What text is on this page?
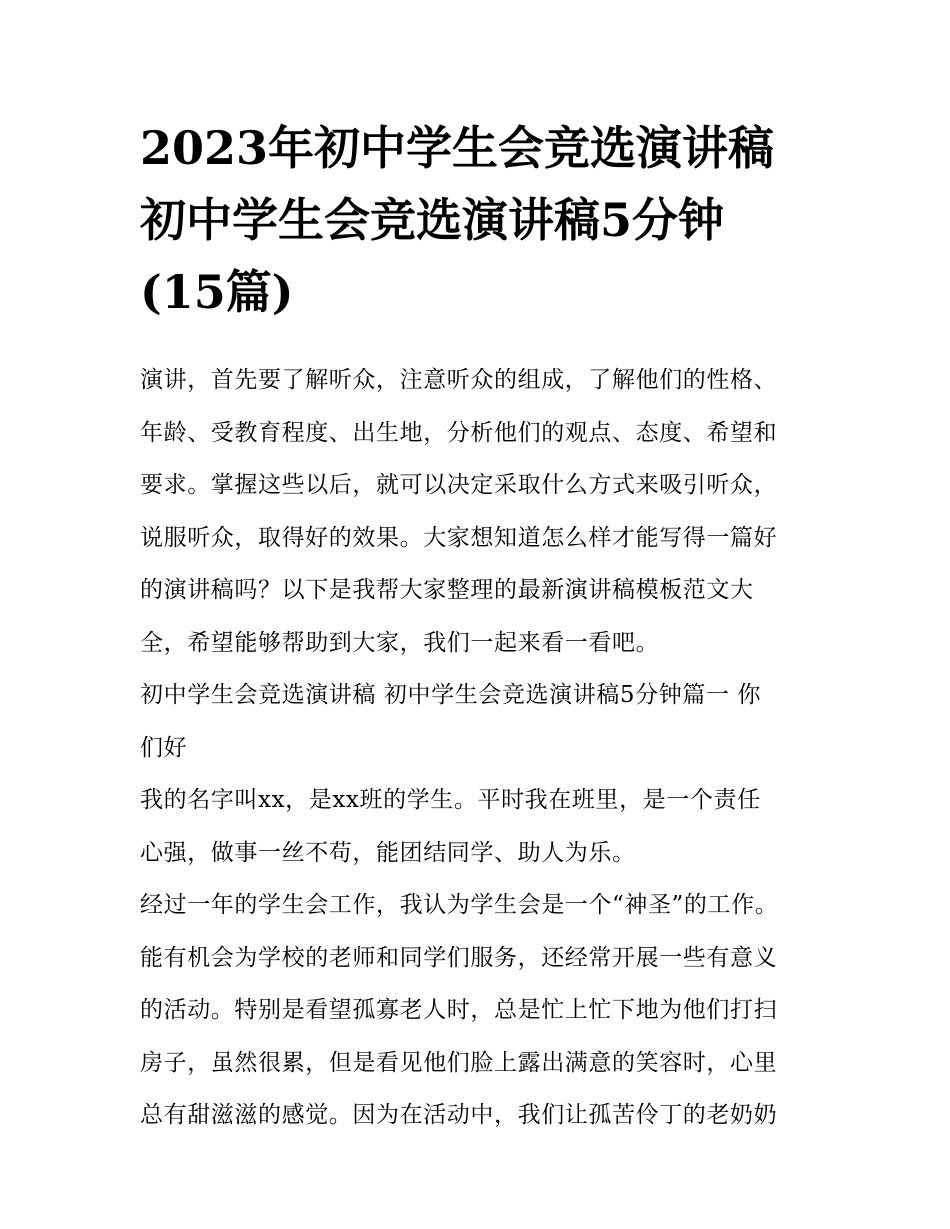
2023年初中学生会竞选演讲稿
初中学生会竞选演讲稿5分钟
(15篇)

演讲，首先要了解听众，注意听众的组成，了解他们的性格、
年龄、受教育程度、出生地，分析他们的观点、态度、希望和
要求。掌握这些以后，就可以决定采取什么方式来吸引听众，
说服听众，取得好的效果。大家想知道怎么样才能写得一篇好
的演讲稿吗？以下是我帮大家整理的最新演讲稿模板范文大
全，希望能够帮助到大家，我们一起来看一看吧。

初中学生会竞选演讲稿 初中学生会竞选演讲稿5分钟篇一 你
们好

我的名字叫xx，是xx班的学生。平时我在班里，是一个责任
心强，做事一丝不苟，能团结同学、助人为乐。

经过一年的学生会工作，我认为学生会是一个“神圣”的工作。
能有机会为学校的老师和同学们服务，还经常开展一些有意义
的活动。特别是看望孤寡老人时，总是忙上忙下地为他们打扫
房子，虽然很累，但是看见他们脸上露出满意的笑容时，心里
总有甜滋滋的感觉。因为在活动中，我们让孤苦伶丁的老奶奶
